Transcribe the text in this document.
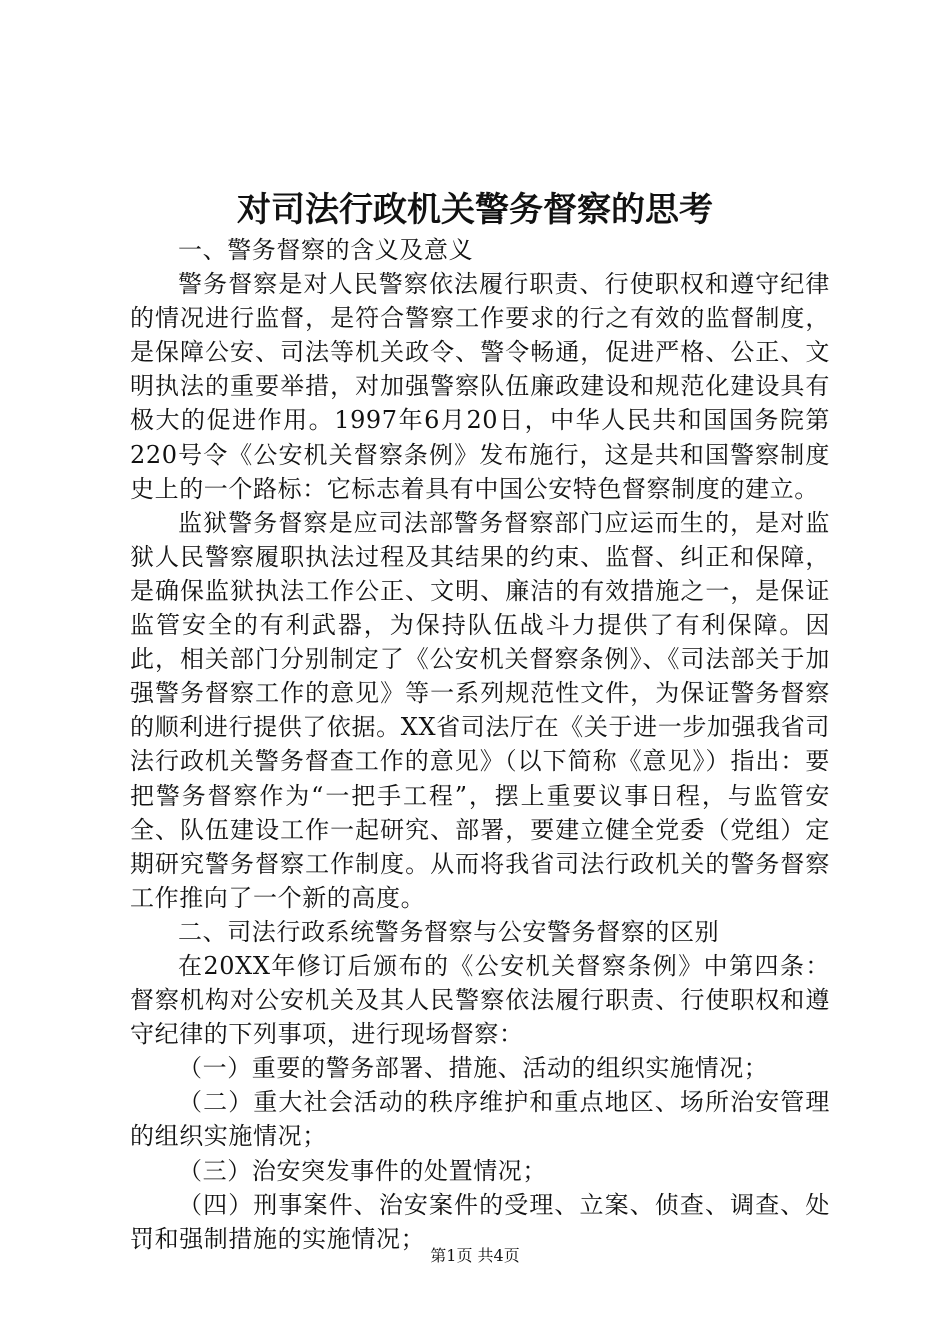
对司法行政机关警务督察的思考

一、警务督察的含义及意义

警务督察是对人民警察依法履行职责、行使职权和遵守纪律的情况进行监督，是符合警察工作要求的行之有效的监督制度，是保障公安、司法等机关政令、警令畅通，促进严格、公正、文明执法的重要举措，对加强警察队伍廉政建设和规范化建设具有极大的促进作用。1997年6月20日，中华人民共和国国务院第220号令《公安机关督察条例》发布施行，这是共和国警察制度史上的一个路标：它标志着具有中国公安特色督察制度的建立。

监狱警务督察是应司法部警务督察部门应运而生的，是对监狱人民警察履职执法过程及其结果的约束、监督、纠正和保障，是确保监狱执法工作公正、文明、廉洁的有效措施之一，是保证监管安全的有利武器，为保持队伍战斗力提供了有利保障。因此，相关部门分别制定了《公安机关督察条例》、《司法部关于加强警务督察工作的意见》等一系列规范性文件，为保证警务督察的顺利进行提供了依据。XX省司法厅在《关于进一步加强我省司法行政机关警务督查工作的意见》（以下简称《意见》）指出：要把警务督察作为“一把手工程”，摆上重要议事日程，与监管安全、队伍建设工作一起研究、部署，要建立健全党委（党组）定期研究警务督察工作制度。从而将我省司法行政机关的警务督察工作推向了一个新的高度。

二、司法行政系统警务督察与公安警务督察的区别

在20XX年修订后颁布的《公安机关督察条例》中第四条：督察机构对公安机关及其人民警察依法履行职责、行使职权和遵守纪律的下列事项，进行现场督察：

（一）重要的警务部署、措施、活动的组织实施情况；

（二）重大社会活动的秩序维护和重点地区、场所治安管理的组织实施情况；

（三）治安突发事件的处置情况；

（四）刑事案件、治安案件的受理、立案、侦查、调查、处罚和强制措施的实施情况；

第1页 共4页
